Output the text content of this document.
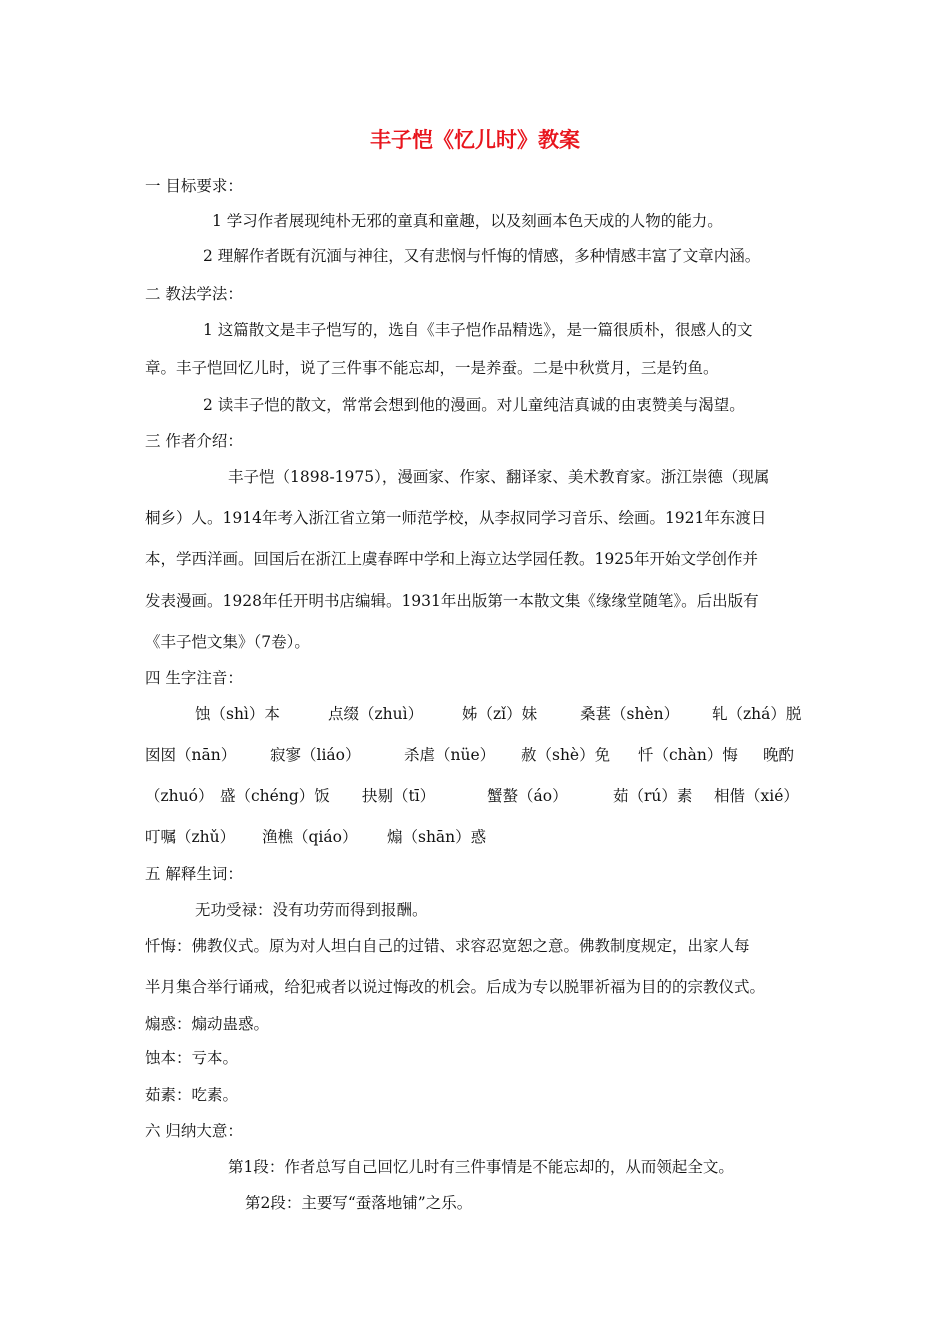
丰子恺《忆儿时》教案
一 目标要求：
1 学习作者展现纯朴无邪的童真和童趣，以及刻画本色天成的人物的能力。
2 理解作者既有沉湎与神往，又有悲悯与忏悔的情感，多种情感丰富了文章内涵。
二 教法学法：
1 这篇散文是丰子恺写的，选自《丰子恺作品精选》，是一篇很质朴，很感人的文
章。丰子恺回忆儿时，说了三件事不能忘却，一是养蚕。二是中秋赏月，三是钓鱼。
2 读丰子恺的散文，常常会想到他的漫画。对儿童纯洁真诚的由衷赞美与渴望。
三 作者介绍：
丰子恺（1898-1975），漫画家、作家、翻译家、美术教育家。浙江崇德（现属
桐乡）人。1914年考入浙江省立第一师范学校，从李叔同学习音乐、绘画。1921年东渡日
本，学西洋画。回国后在浙江上虞春晖中学和上海立达学园任教。1925年开始文学创作并
发表漫画。1928年任开明书店编辑。1931年出版第一本散文集《缘缘堂随笔》。后出版有
《丰子恺文集》（7卷）。
四 生字注音：
蚀（shì）本	点缀（zhuì）	姊（zǐ）妹	桑葚（shèn） 轧（zhá）脱
囡囡（nān） 寂寥（liáo）	杀虐（nüe） 赦（shè）免 忏（chàn）悔 晚酌
（zhuó） 盛（chéng）饭 抉剔（tī）	蟹螯（áo）	茹（rú）素 相偕（xié）
叮嘱（zhǔ） 渔樵（qiáo） 煽（shān）惑
五 解释生词：
无功受禄：没有功劳而得到报酬。
忏悔：佛教仪式。原为对人坦白自己的过错、求容忍宽恕之意。佛教制度规定，出家人每
半月集合举行诵戒，给犯戒者以说过悔改的机会。后成为专以脱罪祈福为目的的宗教仪式。
煽惑：煽动蛊惑。
蚀本：亏本。
茹素：吃素。
六 归纳大意：
第1段：作者总写自己回忆儿时有三件事情是不能忘却的，从而领起全文。
第2段：主要写“蚕落地铺”之乐。
